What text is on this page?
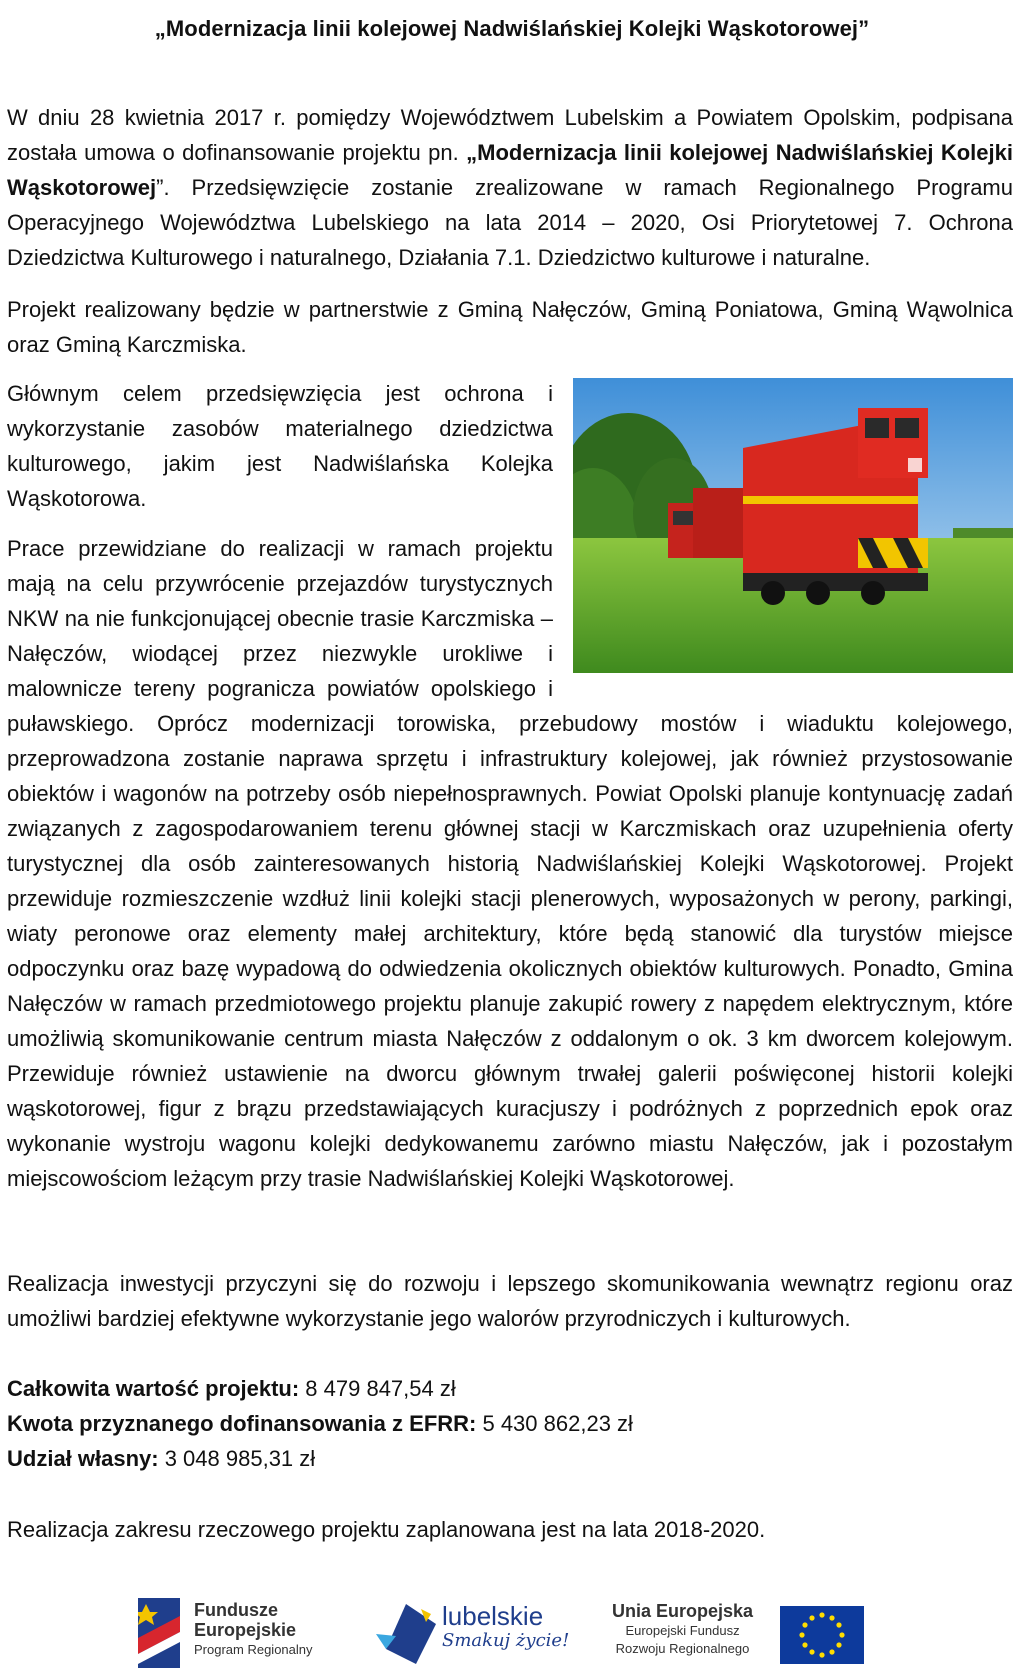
„Modernizacja linii kolejowej Nadwiślańskiej Kolejki Wąskotorowej”
W dniu 28 kwietnia 2017 r. pomiędzy Województwem Lubelskim a Powiatem Opolskim, podpisana została umowa o dofinansowanie projektu pn. „Modernizacja linii kolejowej Nadwiślańskiej Kolejki Wąskotorowej”. Przedsięwzięcie zostanie zrealizowane w ramach Regionalnego Programu Operacyjnego Województwa Lubelskiego na lata 2014 – 2020, Osi Priorytetowej 7. Ochrona Dziedzictwa Kulturowego i naturalnego, Działania 7.1. Dziedzictwo kulturowe i naturalne.
Projekt realizowany będzie w partnerstwie z Gminą Nałęczów, Gminą Poniatowa, Gminą Wąwolnica oraz Gminą Karczmiska.

Głównym celem przedsięwzięcia jest ochrona i wykorzystanie zasobów materialnego dziedzictwa kulturowego, jakim jest Nadwiślańska Kolejka Wąskotorowa.

Prace przewidziane do realizacji w ramach projektu mają na celu przywrócenie przejazdów turystycznych NKW na nie funkcjonującej obecnie trasie Karczmiska – Nałęczów, wiodącej przez niezwykle urokliwe i malownicze tereny pogranicza powiatów opolskiego i puławskiego. Oprócz modernizacji torowiska, przebudowy mostów i wiaduktu kolejowego, przeprowadzona zostanie naprawa sprzętu i infrastruktury kolejowej, jak również przystosowanie obiektów i wagonów na potrzeby osób niepełnosprawnych. Powiat Opolski planuje kontynuację zadań związanych z zagospodarowaniem terenu głównej stacji w Karczmiskach oraz uzupełnienia oferty turystycznej dla osób zainteresowanych historią Nadwiślańskiej Kolejki Wąskotorowej. Projekt przewiduje rozmieszczenie wzdłuż linii kolejki stacji plenerowych, wyposażonych w perony, parkingi, wiaty peronowe oraz elementy małej architektury, które będą stanowić dla turystów miejsce odpoczynku oraz bazę wypadową do odwiedzenia okolicznych obiektów kulturowych. Ponadto, Gmina Nałęczów w ramach przedmiotowego projektu planuje zakupić rowery z napędem elektrycznym, które umożliwią skomunikowanie centrum miasta Nałęczów z oddalonym o ok. 3 km dworcem kolejowym. Przewiduje również ustawienie na dworcu głównym trwałej galerii poświęconej historii kolejki wąskotorowej, figur z brązu przedstawiających kuracjuszy i podróżnych z poprzednich epok oraz wykonanie wystroju wagonu kolejki dedykowanemu zarówno miastu Nałęczów, jak i pozostałym miejscowościom leżącym przy trasie Nadwiślańskiej Kolejki Wąskotorowej.

Realizacja inwestycji przyczyni się do rozwoju i lepszego skomunikowania wewnątrz regionu oraz umożliwi bardziej efektywne wykorzystanie jego walorów przyrodniczych i kulturowych.
Całkowita wartość projektu: 8 479 847,54 zł
Kwota przyznanego dofinansowania z EFRR: 5 430 862,23 zł
Udział własny: 3 048 985,31 zł
Realizacja zakresu rzeczowego projektu zaplanowana jest na lata 2018-2020.
Fundusze
Europejskie
Program Regionalny
lubelskie
Smakuj życie!
Unia Europejska
Europejski Fundusz
Rozwoju Regionalnego
